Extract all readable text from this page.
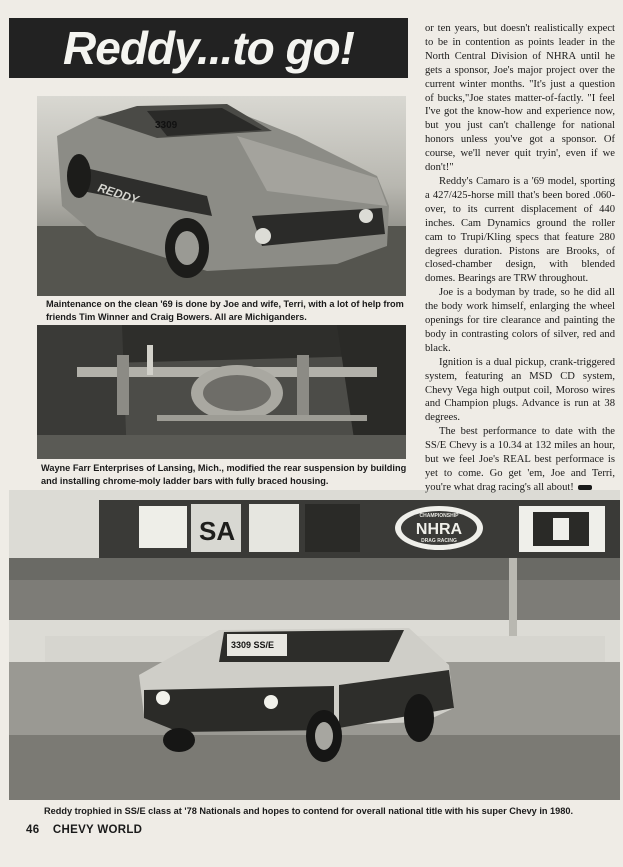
Reddy...to go!
3309
REDDY
Maintenance on the clean '69 is done by Joe and wife, Terri, with a lot of help from friends Tim Winner and Craig Bowers. All are Michiganders.
Wayne Farr Enterprises of Lansing, Mich., modified the rear suspension by building and installing chrome-moly ladder bars with fully braced housing.
SA	CHAMPIONSHIP
NHRA
DRAG RACING
3309 SS/E
Reddy trophied in SS/E class at '78 Nationals and hopes to contend for overall national title with his super Chevy in 1980.

or ten years, but doesn't realistically expect to be in contention as points leader in the North Central Division of NHRA until he gets a sponsor, Joe's major project over the current winter months. "It's just a question of bucks,"Joe states matter-of-factly. "I feel I've got the know-how and experience now, but you just can't challenge for national honors unless you've got a sponsor. Of course, we'll never quit tryin', even if we don't!"

Reddy's Camaro is a '69 model, sporting a 427/425-horse mill that's been bored .060-over, to its current displacement of 440 inches. Cam Dynamics ground the roller cam to Trupi/Kling specs that feature 280 degrees duration. Pistons are Brooks, of closed-chamber design, with blended domes. Bearings are TRW throughout.

Joe is a bodyman by trade, so he did all the body work himself, enlarging the wheel openings for tire clearance and painting the body in contrasting colors of silver, red and black.

Ignition is a dual pickup, crank-triggered system, featuring an MSD CD system, Chevy Vega high output coil, Moroso wires and Champion plugs. Advance is run at 38 degrees.

The best performance to date with the SS/E Chevy is a 10.34 at 132 miles an hour, but we feel Joe's REAL best performace is yet to come. Go get 'em, Joe and Terri, you're what drag racing's all about!

46 CHEVY WORLD
